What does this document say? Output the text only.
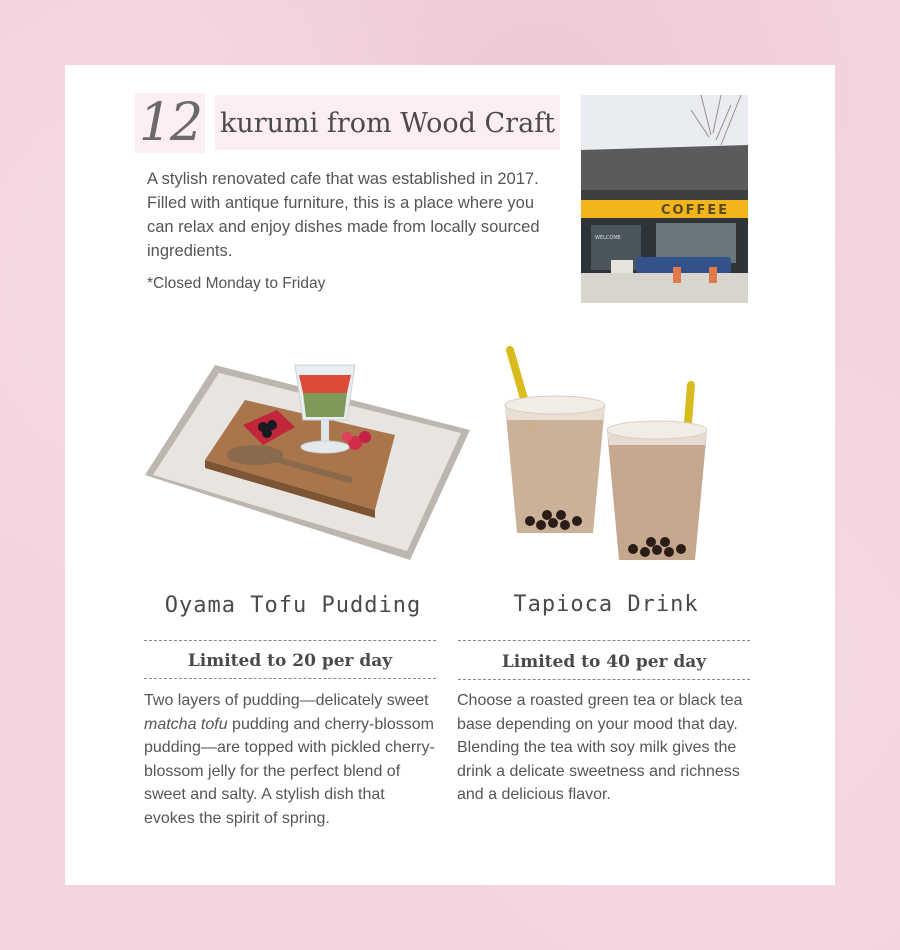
12 kurumi from Wood Craft

A stylish renovated cafe that was established in 2017. Filled with antique furniture, this is a place where you can relax and enjoy dishes made from locally sourced ingredients.

*Closed Monday to Friday
COFFEE
WELCOME
Oyama Tofu Pudding
Limited to 20 per day

Two layers of pudding—delicately sweet matcha tofu pudding and cherry-blossom pudding—are topped with pickled cherry-blossom jelly for the perfect blend of sweet and salty. A stylish dish that evokes the spirit of spring.

Tapioca Drink
Limited to 40 per day

Choose a roasted green tea or black tea base depending on your mood that day. Blending the tea with soy milk gives the drink a delicate sweetness and richness and a delicious flavor.
